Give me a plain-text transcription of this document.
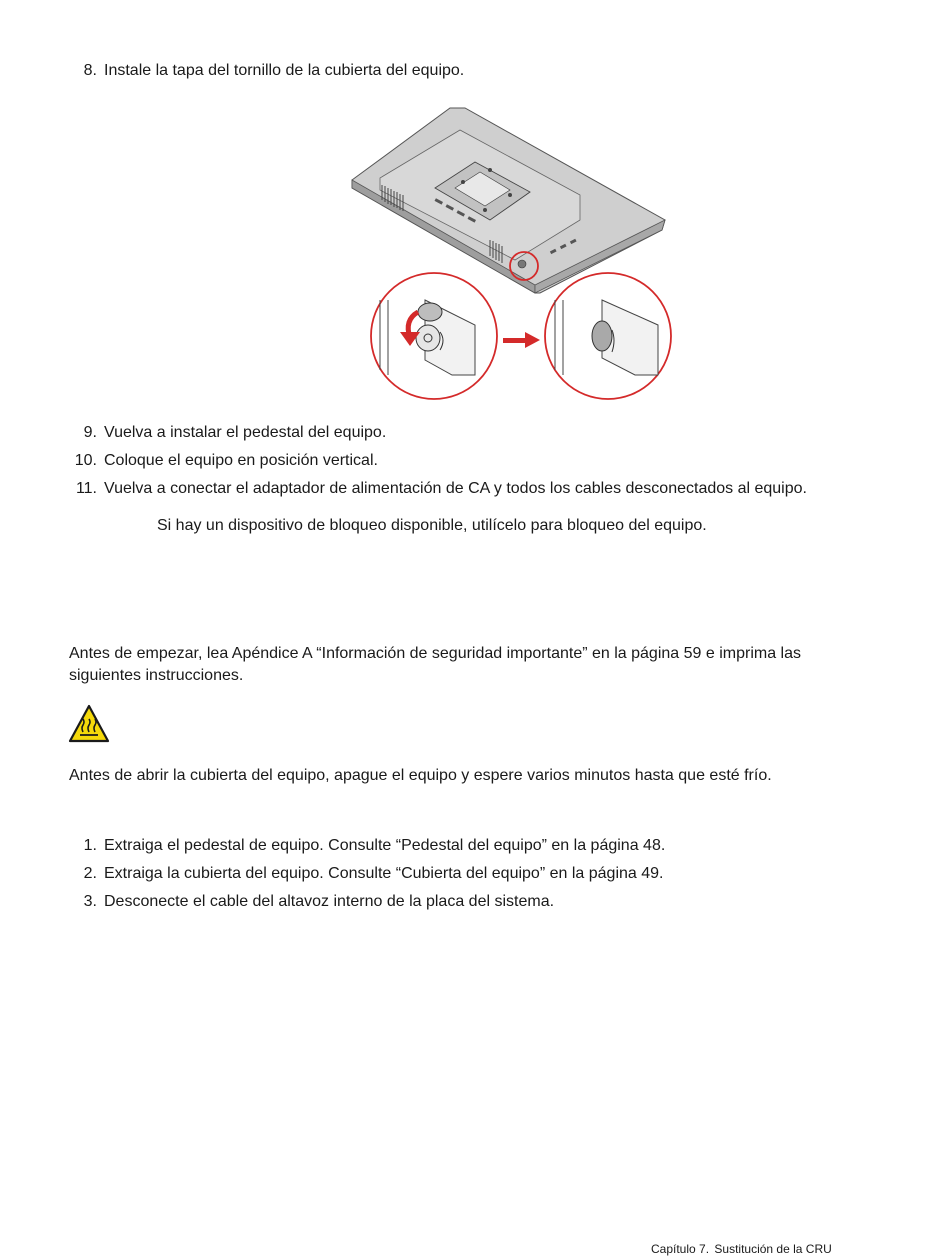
8. Instale la tapa del tornillo de la cubierta del equipo.
9. Vuelva a instalar el pedestal del equipo.
10. Coloque el equipo en posición vertical.
11. Vuelva a conectar el adaptador de alimentación de CA y todos los cables desconectados al equipo.
Si hay un dispositivo de bloqueo disponible, utilícelo para bloqueo del equipo.
Antes de empezar, lea Apéndice A “Información de seguridad importante” en la página 59 e imprima las siguientes instrucciones.
Antes de abrir la cubierta del equipo, apague el equipo y espere varios minutos hasta que esté frío.
1. Extraiga el pedestal de equipo. Consulte “Pedestal del equipo” en la página 48.
2. Extraiga la cubierta del equipo. Consulte “Cubierta del equipo” en la página 49.
3. Desconecte el cable del altavoz interno de la placa del sistema.
Capítulo 7. Sustitución de la CRU
